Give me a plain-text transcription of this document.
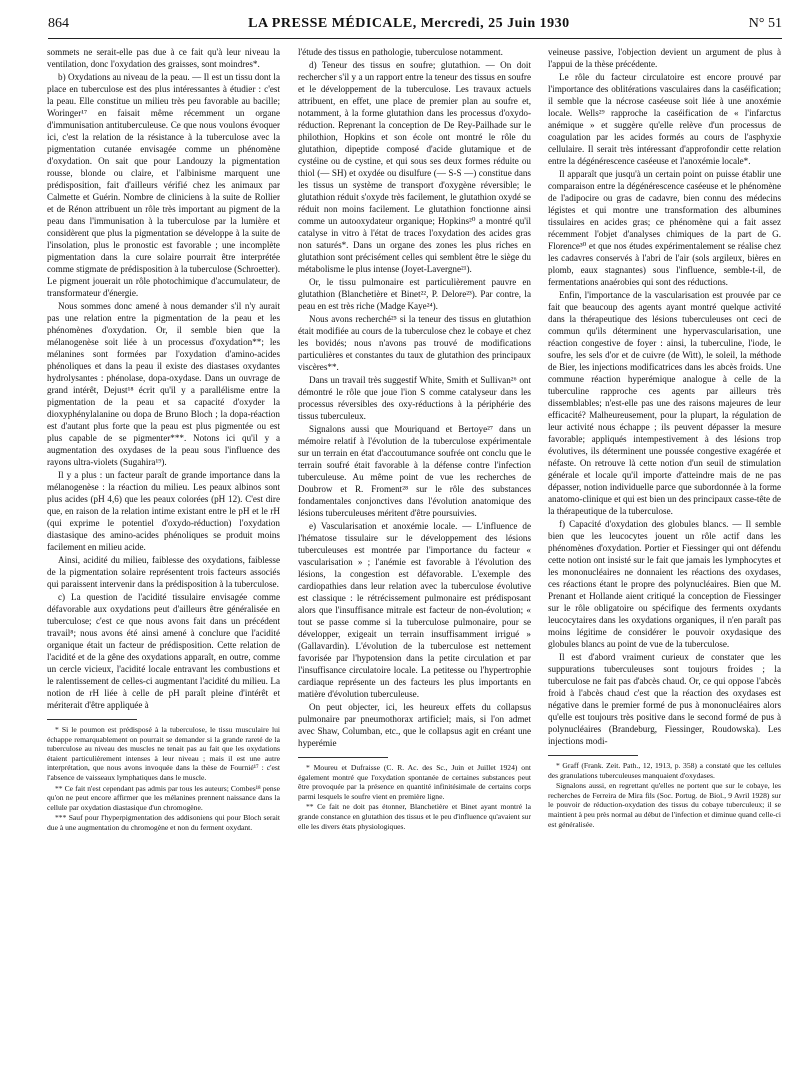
864	LA PRESSE MÉDICALE, Mercredi, 25 Juin 1930	N° 51

sommets ne serait-elle pas due à ce fait qu'à leur niveau la ventilation, donc l'oxydation des graisses, sont moindres*.

b) Oxydations au niveau de la peau. — Il est un tissu dont la place en tuberculose est des plus intéressantes à étudier : c'est la peau. Elle constitue un milieu très peu favorable au bacille; Woringer¹⁷ en faisait même récemment un organe d'immunisation antituberculeuse. Ce que nous voulons évoquer ici, c'est la relation de la résistance à la tuberculose avec la pigmentation cutanée envisagée comme un phénomène d'oxydation. On sait que pour Landouzy la pigmentation rousse, blonde ou claire, et l'albinisme marquent une prédisposition, fait d'ailleurs vérifié chez les animaux par Calmette et Guérin. Nombre de cliniciens à la suite de Rollier et de Rénon attribuent un rôle très important au pigment de la peau dans l'immunisation à la tuberculose par la lumière et considèrent que plus la pigmentation se développe à la suite de l'insolation, plus le pronostic est favorable ; une incomplète pigmentation dans la cure solaire pourrait être interprétée comme stigmate de prédisposition à la tuberculose (Schroetter). Le pigment jouerait un rôle photochimique d'accumulateur, de transformateur d'énergie.

Nous sommes donc amené à nous demander s'il n'y aurait pas une relation entre la pigmentation de la peau et les phénomènes d'oxydation. Or, il semble bien que la mélanogenèse soit liée à un processus d'oxydation**; les mélanines sont formées par l'oxydation d'amino-acides phénoliques et dans la peau il existe des diastases oxydantes hydrolysantes : phénolase, dopa-oxydase. Dans un ouvrage de grand intérêt, Dejust¹⁸ écrit qu'il y a parallélisme entre la pigmentation de la peau et sa capacité d'oxyder la dioxyphénylalanine ou dopa de Bruno Bloch ; la dopa-réaction est d'autant plus forte que la peau est plus pigmentée ou est plus capable de se pigmenter***. Notons ici qu'il y a augmentation des oxydases de la peau sous l'influence des rayons ultra-violets (Sugahira¹⁹).

Il y a plus : un facteur paraît de grande importance dans la mélanogenèse : la réaction du milieu. Les peaux albinos sont plus acides (pH 4,6) que les peaux colorées (pH 12). C'est dire que, en raison de la relation intime existant entre le pH et le rH (qui exprime le potentiel d'oxydo-réduction) l'oxydation diastasique des amino-acides phénoliques se produit moins facilement en milieu acide.

Ainsi, acidité du milieu, faiblesse des oxydations, faiblesse de la pigmentation solaire représentent trois facteurs associés qui paraissent intervenir dans la prédisposition à la tuberculose.

c) La question de l'acidité tissulaire envisagée comme défavorable aux oxydations peut d'ailleurs être généralisée en tuberculose; c'est ce que nous avons fait dans un précédent travail⁸; nous avons été ainsi amené à conclure que l'acidité organique était un facteur de prédisposition. Cette relation de l'acidité et de la gêne des oxydations apparaît, en outre, comme un cercle vicieux, l'acidité locale entravant les combustions et le ralentissement de celles-ci augmentant l'acidité du milieu. La notion de rH liée à celle de pH paraît pleine d'intérêt et mériterait d'être appliquée à

* Si le poumon est prédisposé à la tuberculose, le tissu musculaire lui échappe remarquablement on pourrait se demander si la grande rareté de la tuberculose au niveau des muscles ne tenait pas au fait que les oxydations étaient particulièrement intenses à leur niveau ; mais il est une autre interprétation, que nous avons invoquée dans la thèse de Fournié¹⁷ : c'est l'absence de vaisseaux lymphatiques dans le muscle.

** Ce fait n'est cependant pas admis par tous les auteurs; Combes¹⁸ pense qu'on ne peut encore affirmer que les mélanines prennent naissance dans la cellule par oxydation diastasique d'un chromogène.

*** Sauf pour l'hyperpigmentation des addisoniens qui pour Bloch serait due à une augmentation du chromogène et non du ferment oxydant.

l'étude des tissus en pathologie, tuberculose notamment.

d) Teneur des tissus en soufre; glutathion. — On doit rechercher s'il y a un rapport entre la teneur des tissus en soufre et le développement de la tuberculose. Les travaux actuels attribuent, en effet, une place de premier plan au soufre et, notamment, à la forme glutathion dans les processus d'oxydo-réduction. Reprenant la conception de De Rey-Pailhade sur le philothion, Hopkins et son école ont montré le rôle du glutathion, dipeptide composé d'acide glutamique et de cystéine ou de cystine, et qui sous ses deux formes réduite ou thiol (— SH) et oxydée ou disulfure (— S-S —) constitue dans les tissus un système de transport d'oxygène réversible; le glutathion réduit s'oxyde très facilement, le glutathion oxydé se réduit non moins facilement. Le glutathion fonctionne ainsi comme un autooxydateur organique; Hopkins²⁰ a montré qu'il catalyse in vitro à l'état de traces l'oxydation des acides gras non saturés*. Dans un organe des zones les plus riches en glutathion sont précisément celles qui semblent être le siège du métabolisme le plus intense (Joyet-Lavergne²¹).

Or, le tissu pulmonaire est particulièrement pauvre en glutathion (Blanchetière et Binet²², P. Delore²³). Par contre, la peau en est très riche (Madge Kaye²⁴).

Nous avons recherché²⁵ si la teneur des tissus en glutathion était modifiée au cours de la tuberculose chez le cobaye et chez les bovidés; nous n'avons pas trouvé de modifications particulières et constantes du taux de glutathion des principaux viscères**.

Dans un travail très suggestif White, Smith et Sullivan²⁶ ont démontré le rôle que joue l'ion S comme catalyseur dans les processus réversibles des oxy-réductions à la périphérie des tissus tuberculeux.

Signalons aussi que Mouriquand et Bertoye²⁷ dans un mémoire relatif à l'évolution de la tuberculose expérimentale sur un terrain en état d'accoutumance soufrée ont conclu que le terrain soufré était favorable à la défense contre l'infection tuberculeuse. Au même point de vue les recherches de Doubrow et R. Froment²⁸ sur le rôle des substances fondamentales conjonctives dans l'évolution anatomique des lésions tuberculeuses méritent d'être poursuivies.

e) Vascularisation et anoxémie locale. — L'influence de l'hématose tissulaire sur le développement des lésions tuberculeuses est montrée par l'importance du facteur « vascularisation » ; l'anémie est favorable à l'évolution des lésions, la congestion est défavorable. L'exemple des cardiopathies dans leur relation avec la tuberculose évolutive est classique : le rétrécissement pulmonaire est prédisposant alors que l'insuffisance mitrale est facteur de non-évolution; « tout se passe comme si la tuberculose pulmonaire, pour se développer, exigeait un terrain insuffisamment irrigué » (Gallavardin). L'évolution de la tuberculose est nettement favorisée par l'hypotension dans la petite circulation et par l'insuffisance circulatoire locale. La petitesse ou l'hypertrophie cardiaque représente un des facteurs les plus importants en matière d'évolution tuberculeuse.

On peut objecter, ici, les heureux effets du collapsus pulmonaire par pneumothorax artificiel; mais, si l'on admet avec Shaw, Columban, etc., que le collapsus agit en créant une hyperémie

* Moureu et Dufraisse (C. R. Ac. des Sc., Juin et Juillet 1924) ont également montré que l'oxydation spontanée de certaines substances peut être provoquée par la présence en quantité infinitésimale de certains corps parmi lesquels le soufre vient en première ligne.

** Ce fait ne doit pas étonner, Blanchetière et Binet ayant montré la grande constance en glutathion des tissus et le peu d'influence qu'avaient sur elle les divers états physiologiques.

veineuse passive, l'objection devient un argument de plus à l'appui de la thèse précédente.

Le rôle du facteur circulatoire est encore prouvé par l'importance des oblitérations vasculaires dans la caséification; il semble que la nécrose caséeuse soit liée à une anoxémie locale. Wells²⁹ rapproche la caséification de « l'infarctus anémique » et suggère qu'elle relève d'un processus de coagulation par les acides formés au cours de l'asphyxie cellulaire. Il serait très intéressant d'approfondir cette relation entre la dégénérescence caséeuse et l'anoxémie locale*.

Il apparaît que jusqu'à un certain point on puisse établir une comparaison entre la dégénérescence caséeuse et le phénomène de l'adipocire ou gras de cadavre, bien connu des médecins légistes et qui montre une transformation des albumines tissulaires en acides gras; ce phénomène qui a fait assez récemment l'objet d'analyses chimiques de la part de G. Florence³⁰ et que nos études expérimentalement se réalise chez les cadavres conservés à l'abri de l'air (sols argileux, bières en plomb, eaux stagnantes) sous l'influence, semble-t-il, de fermentations anaérobies qui sont des réductions.

Enfin, l'importance de la vascularisation est prouvée par ce fait que beaucoup des agents ayant montré quelque activité dans la thérapeutique des lésions tuberculeuses ont ceci de commun qu'ils déterminent une hypervascularisation, une réaction congestive de foyer : ainsi, la tuberculine, l'iode, le soufre, les sels d'or et de cuivre (de Witt), le soleil, la méthode de Bier, les injections modificatrices dans les abcès froids. Une commune réaction hyperémique analogue à celle de la tuberculine rapproche ces agents par ailleurs très dissemblables; n'est-elle pas une des raisons majeures de leur efficacité? Malheureusement, pour la plupart, la régulation de leur activité nous échappe ; ils peuvent dépasser la mesure favorable; appliqués intempestivement à des lésions trop évolutives, ils déterminent une poussée congestive exagérée et néfaste. On retrouve là cette notion d'un seuil de stimulation générale et locale qu'il importe d'atteindre mais de ne pas dépasser, notion individuelle parce que subordonnée à la forme anatomo-clinique et qui est bien un des principaux casse-tête de la thérapeutique de la tuberculose.

f) Capacité d'oxydation des globules blancs. — Il semble bien que les leucocytes jouent un rôle actif dans les phénomènes d'oxydation. Portier et Fiessinger qui ont défendu cette notion ont insisté sur le fait que jamais les lymphocytes et les mononucléaires ne donnaient les réactions des oxydases, ces réactions étant le propre des polynucléaires. Bien que M. Prenant et Hollande aient critiqué la conception de Fiessinger sur le rôle obligatoire ou spécifique des ferments oxydants leucocytaires dans les oxydations organiques, il n'en paraît pas moins légitime de considérer le pouvoir oxydasique des globules blancs au point de vue de la tuberculose.

Il est d'abord vraiment curieux de constater que les suppurations tuberculeuses sont toujours froides ; la tuberculose ne fait pas d'abcès chaud. Or, ce qui oppose l'abcès froid à l'abcès chaud c'est que la réaction des oxydases est négative dans le premier formé de pus à mononucléaires alors qu'elle est toujours très positive dans le second formé de pus à polynucléaires (Brandeburg, Fiessinger, Roudowska). Les injections modi-

* Graff (Frank. Zeit. Path., 12, 1913, p. 358) a constaté que les cellules des granulations tuberculeuses manquaient d'oxydases.

Signalons aussi, en regrettant qu'elles ne portent que sur le cobaye, les recherches de Ferreira de Mira fils (Soc. Portug. de Biol., 9 Avril 1928) sur le pouvoir de réduction-oxydation des tissus du cobaye tuberculeux; il se maintient à peu près normal au début de l'infection et diminue quand celle-ci est généralisée.
